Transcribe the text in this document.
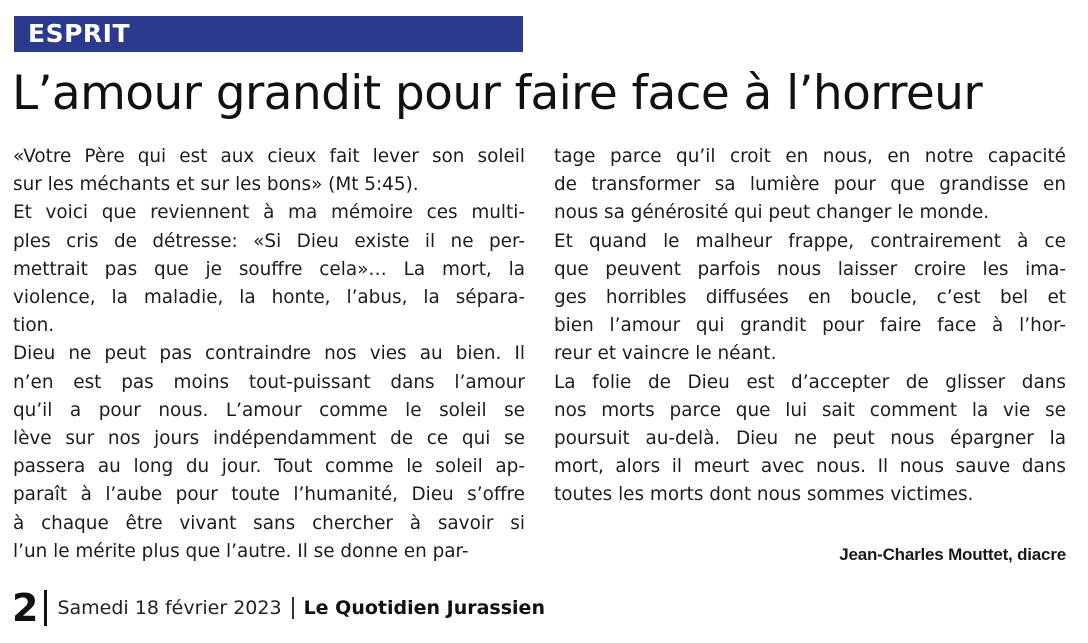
ESPRIT
L’amour grandit pour faire face à l’horreur

«Votre Père qui est aux cieux fait lever son soleil
sur les méchants et sur les bons» (Mt 5:45).

Et voici que reviennent à ma mémoire ces multi-
ples cris de détresse: «Si Dieu existe il ne per-
mettrait pas que je souffre cela»… La mort, la
violence, la maladie, la honte, l’abus, la sépara-
tion.

Dieu ne peut pas contraindre nos vies au bien. Il
n’en est pas moins tout-puissant dans l’amour
qu’il a pour nous. L’amour comme le soleil se
lève sur nos jours indépendamment de ce qui se
passera au long du jour. Tout comme le soleil ap-
paraît à l’aube pour toute l’humanité, Dieu s’offre
à chaque être vivant sans chercher à savoir si
l’un le mérite plus que l’autre. Il se donne en par-

tage parce qu’il croit en nous, en notre capacité
de transformer sa lumière pour que grandisse en
nous sa générosité qui peut changer le monde.

Et quand le malheur frappe, contrairement à ce
que peuvent parfois nous laisser croire les ima-
ges horribles diffusées en boucle, c’est bel et
bien l’amour qui grandit pour faire face à l’hor-
reur et vaincre le néant.

La folie de Dieu est d’accepter de glisser dans
nos morts parce que lui sait comment la vie se
poursuit au-delà. Dieu ne peut nous épargner la
mort, alors il meurt avec nous. Il nous sauve dans
toutes les morts dont nous sommes victimes.

Jean-Charles Mouttet, diacre
2 Samedi 18 février 2023 Le Quotidien Jurassien
